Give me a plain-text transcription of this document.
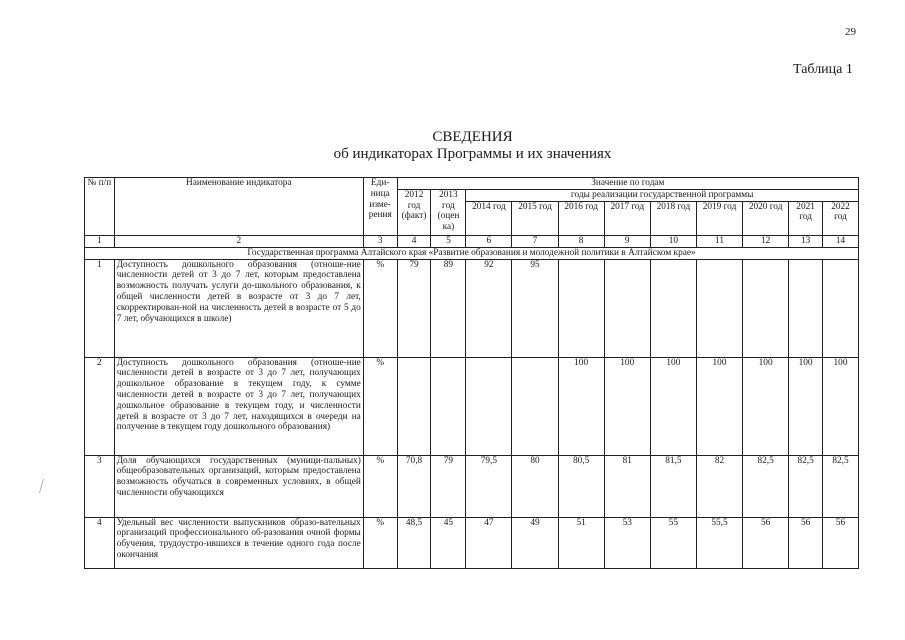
29
Таблица 1
СВЕДЕНИЯ
об индикаторах Программы и их значениях
⁄
№ п/п	Наименование индикатора	Еди-ница изме-рения	Значение по годам										
			2012 год (факт)	2013 год (оцен ка)	годы реализации государственной программы								
					2014 год	2015 год	2016 год	2017 год	2018 год	2019 год	2020 год	2021 год	2022 год
1	2	3	4	5	6	7	8	9	10	11	12	13	14
Государственная программа Алтайского края «Развитие образования и молодежной политики в Алтайском крае»													
1	Доступность дошкольного образования (отноше-ние численности детей от 3 до 7 лет, которым предоставлена возможность получать услуги до-школьного образования, к общей численности детей в возрасте от 3 до 7 лет, скорректирован-ной на численность детей в возрасте от 5 до 7 лет, обучающихся в школе)	%	79	89	92	95							
2	Доступность дошкольного образования (отноше-ние численности детей в возрасте от 3 до 7 лет, получающих дошкольное образование в текущем году, к сумме численности детей в возрасте от 3 до 7 лет, получающих дошкольное образование в текущем году, и численности детей в возрасте от 3 до 7 лет, находящихся в очереди на получение в текущем году дошкольного образования)	%					100	100	100	100	100	100	100
3	Доля обучающихся государственных (муници-пальных) общеобразовательных организаций, которым предоставлена возможность обучаться в современных условиях, в общей численности обучающихся	%	70,8	79	79,5	80	80,5	81	81,5	82	82,5	82,5	82,5
4	Удельный вес численности выпускников образо-вательных организаций профессионального об-разования очной формы обучения, трудоустро-ившихся в течение одного года после окончания	%	48,5	45	47	49	51	53	55	55,5	56	56	56
